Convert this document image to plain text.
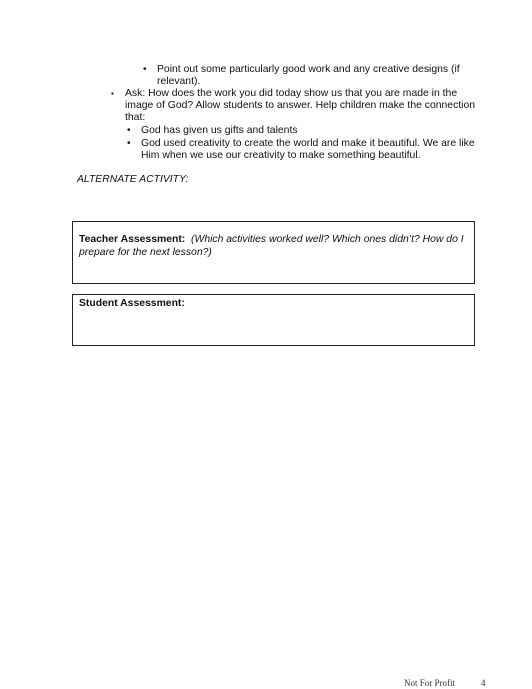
• Point out some particularly good work and any creative designs (if
relevant).
▪ Ask: How does the work you did today show us that you are made in the
image of God? Allow students to answer. Help children make the connection
that:
• God has given us gifts and talents
• God used creativity to create the world and make it beautiful. We are like
Him when we use our creativity to make something beautiful.
ALTERNATE ACTIVITY:
Teacher Assessment: (Which activities worked well? Which ones didn’t? How do I prepare for the next lesson?)
Student Assessment:
Not For Profit	4
